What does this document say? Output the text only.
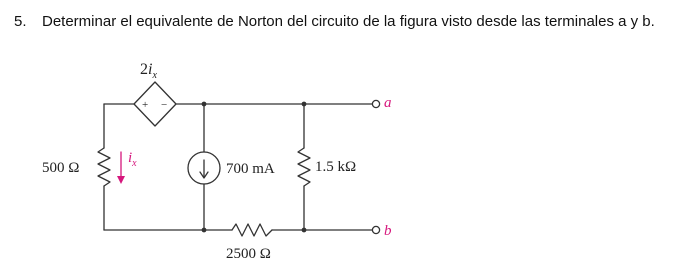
5. Determinar el equivalente de Norton del circuito de la figura visto desde las terminales a y b.
+ −
$2i_x$
$i_x$
500 Ω	700 mA	1.5 kΩ
2500 Ω
a
b
